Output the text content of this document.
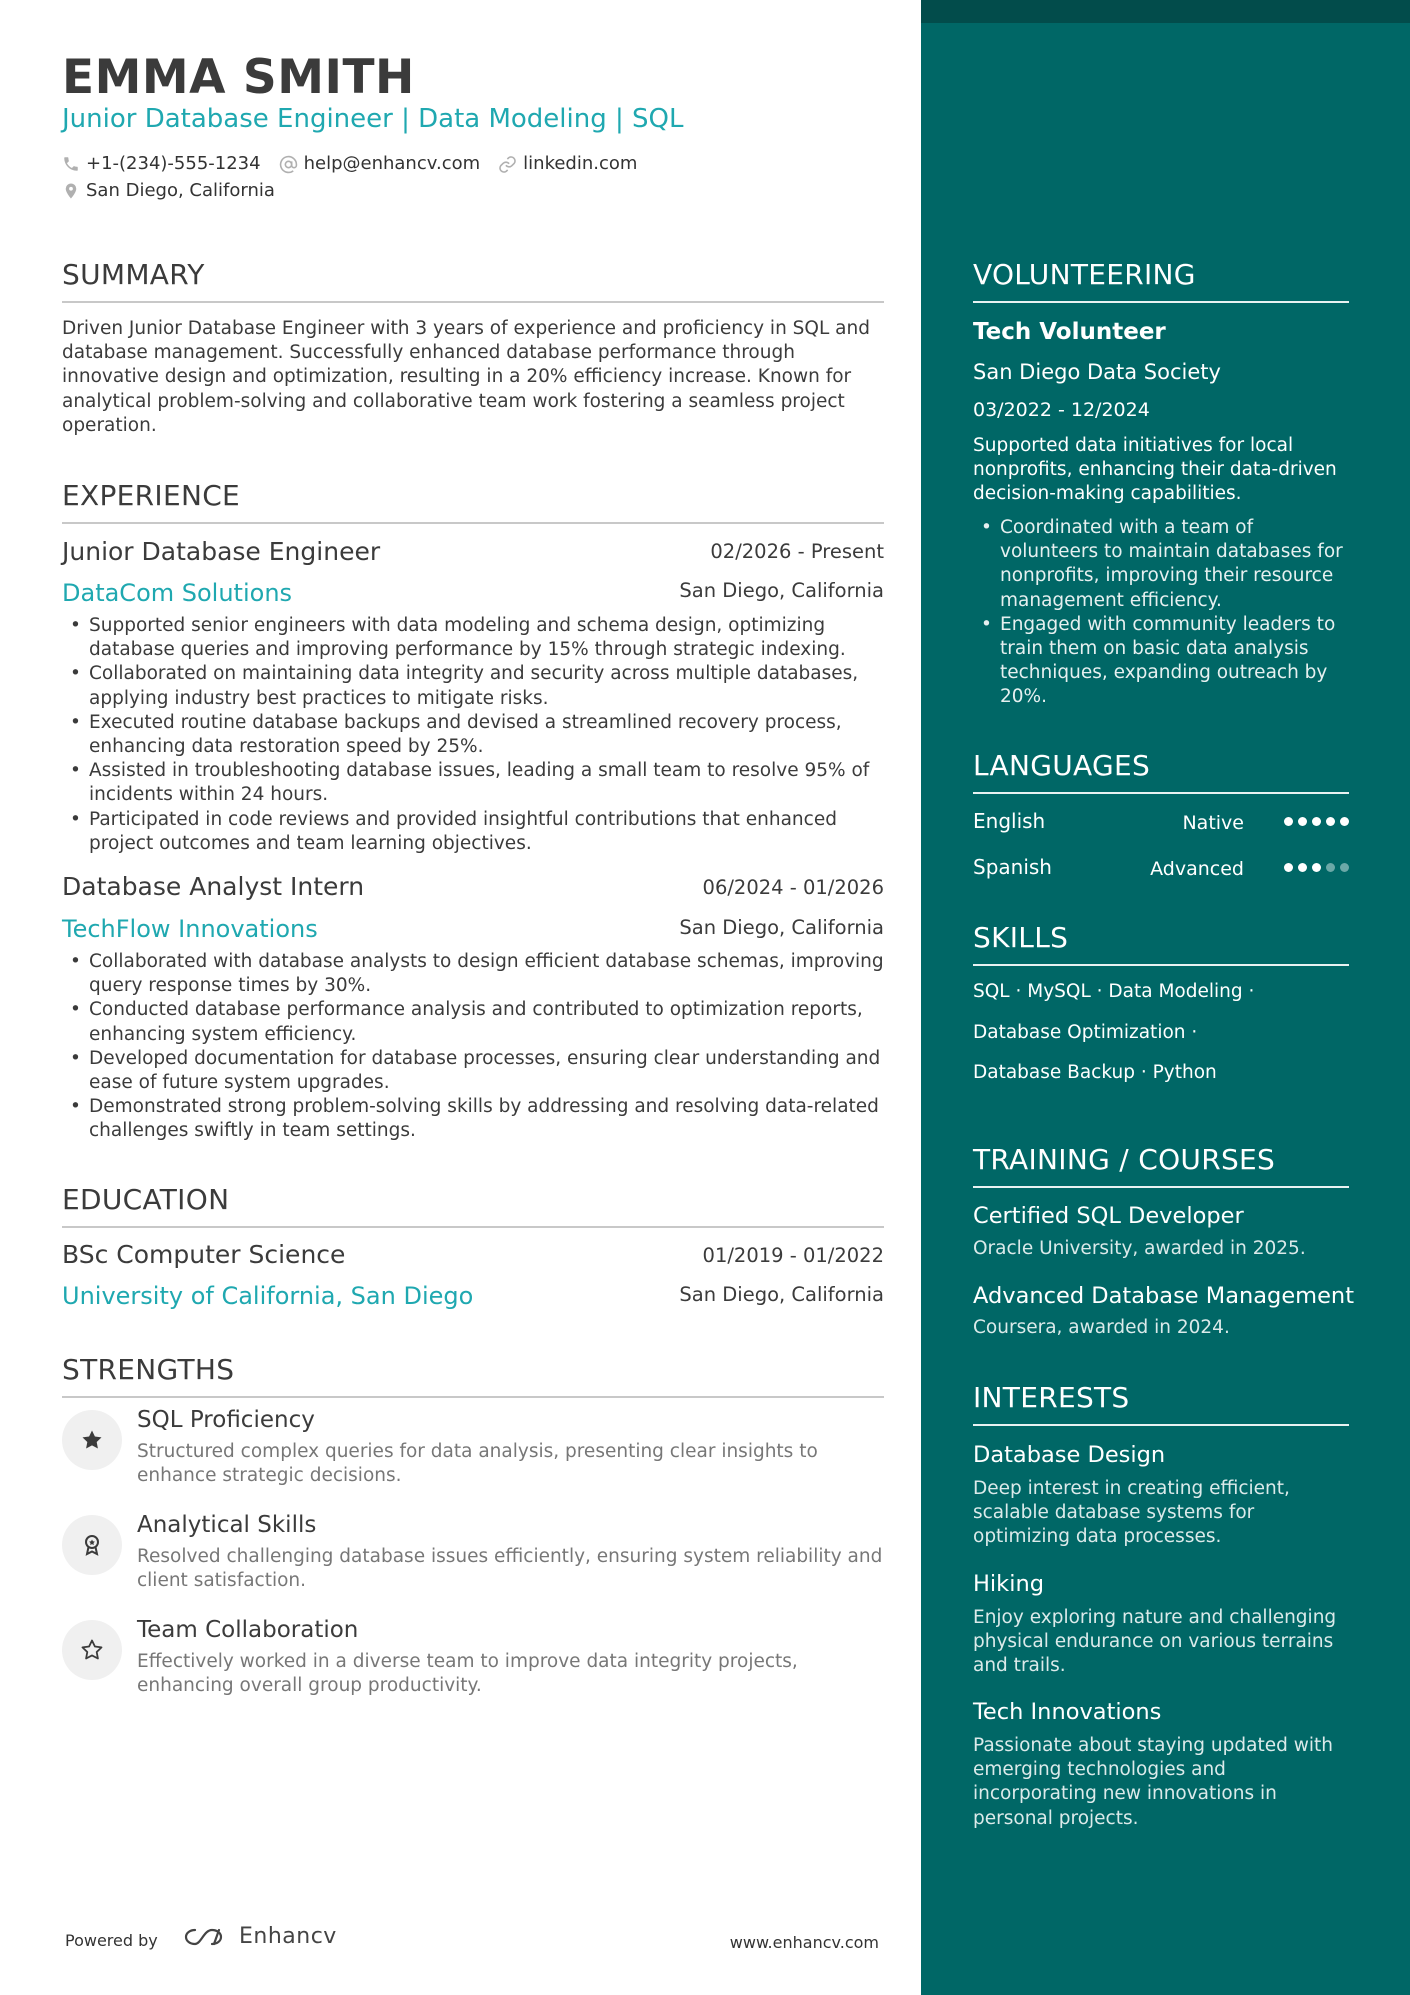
EMMA SMITH
Junior Database Engineer | Data Modeling | SQL
+1-(234)-555-1234 help@enhancv.com linkedin.com
San Diego, California
SUMMARY
Driven Junior Database Engineer with 3 years of experience and proficiency in SQL and database management. Successfully enhanced database performance through innovative design and optimization, resulting in a 20% efficiency increase. Known for analytical problem-solving and collaborative team work fostering a seamless project operation.
EXPERIENCE
Junior Database Engineer	02/2026 - Present
DataCom Solutions	San Diego, California
• Supported senior engineers with data modeling and schema design, optimizing database queries and improving performance by 15% through strategic indexing.
• Collaborated on maintaining data integrity and security across multiple databases, applying industry best practices to mitigate risks.
• Executed routine database backups and devised a streamlined recovery process, enhancing data restoration speed by 25%.
• Assisted in troubleshooting database issues, leading a small team to resolve 95% of incidents within 24 hours.
• Participated in code reviews and provided insightful contributions that enhanced project outcomes and team learning objectives.
Database Analyst Intern	06/2024 - 01/2026
TechFlow Innovations	San Diego, California
• Collaborated with database analysts to design efficient database schemas, improving query response times by 30%.
• Conducted database performance analysis and contributed to optimization reports, enhancing system efficiency.
• Developed documentation for database processes, ensuring clear understanding and ease of future system upgrades.
• Demonstrated strong problem-solving skills by addressing and resolving data-related challenges swiftly in team settings.
EDUCATION
BSc Computer Science	01/2019 - 01/2022
University of California, San Diego	San Diego, California
STRENGTHS
SQL Proficiency
Structured complex queries for data analysis, presenting clear insights to enhance strategic decisions.
Analytical Skills
Resolved challenging database issues efficiently, ensuring system reliability and client satisfaction.
Team Collaboration
Effectively worked in a diverse team to improve data integrity projects, enhancing overall group productivity.
Powered by	Enhancv	www.enhancv.com
VOLUNTEERING
Tech Volunteer
San Diego Data Society
03/2022 - 12/2024
Supported data initiatives for local nonprofits, enhancing their data-driven decision-making capabilities.
• Coordinated with a team of volunteers to maintain databases for nonprofits, improving their resource management efficiency.
• Engaged with community leaders to train them on basic data analysis techniques, expanding outreach by 20%.
LANGUAGES
English	Native
Spanish	Advanced
SKILLS
SQL · MySQL · Data Modeling ·
Database Optimization ·
Database Backup · Python
TRAINING / COURSES
Certified SQL Developer
Oracle University, awarded in 2025.
Advanced Database Management
Coursera, awarded in 2024.
INTERESTS
Database Design
Deep interest in creating efficient, scalable database systems for optimizing data processes.
Hiking
Enjoy exploring nature and challenging physical endurance on various terrains and trails.
Tech Innovations
Passionate about staying updated with emerging technologies and incorporating new innovations in personal projects.
